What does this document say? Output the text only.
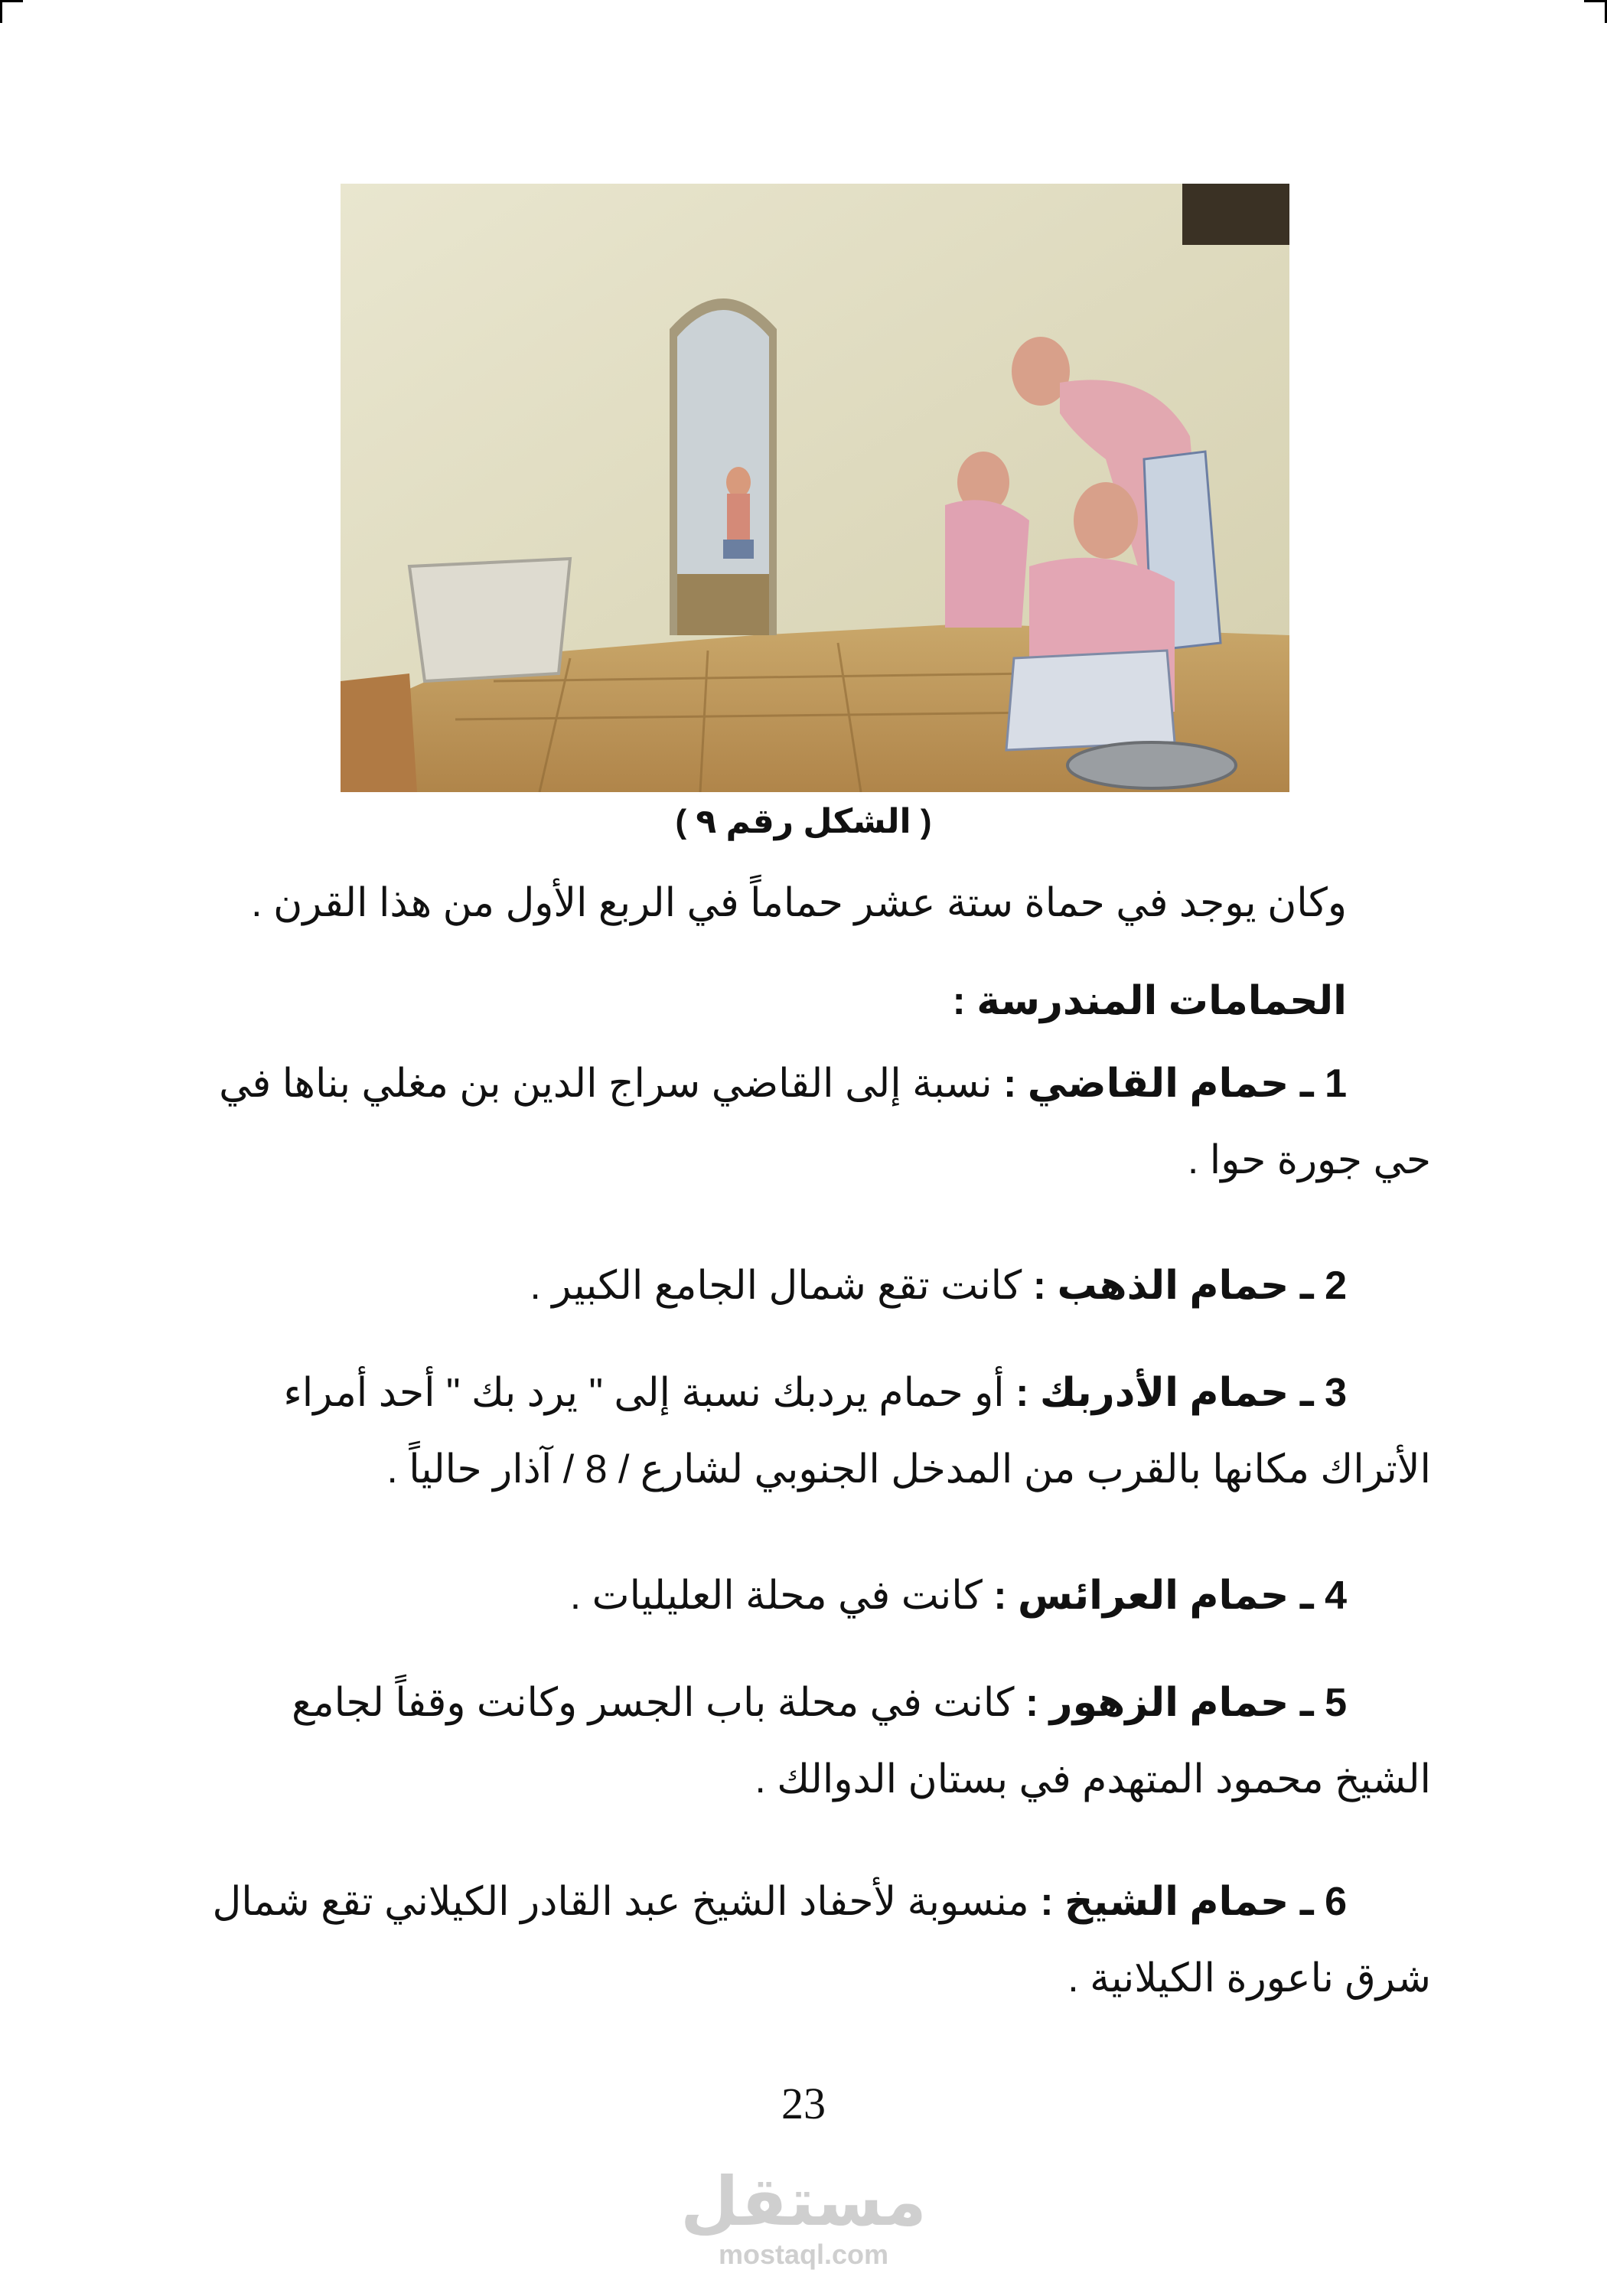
( الشكل رقم ٩ )
وكان يوجد في حماة ستة عشر حماماً في الربع الأول من هذا القرن .
الحمامات المندرسة :
1 ـ حمام القاضي : نسبة إلى القاضي سراج الدين بن مغلي بناها في
حي جورة حوا .
2 ـ حمام الذهب : كانت تقع شمال الجامع الكبير .
3 ـ حمام الأدربك : أو حمام يردبك نسبة إلى " يرد بك " أحد أمراء
الأتراك مكانها بالقرب من المدخل الجنوبي لشارع / 8 / آذار حالياً .
4 ـ حمام العرائس : كانت في محلة العليليات .
5 ـ حمام الزهور : كانت في محلة باب الجسر وكانت وقفاً لجامع
الشيخ محمود المتهدم في بستان الدوالك .
6 ـ حمام الشيخ : منسوبة لأحفاد الشيخ عبد القادر الكيلاني تقع شمال
شرق ناعورة الكيلانية .
23
مستقل
mostaql.com
